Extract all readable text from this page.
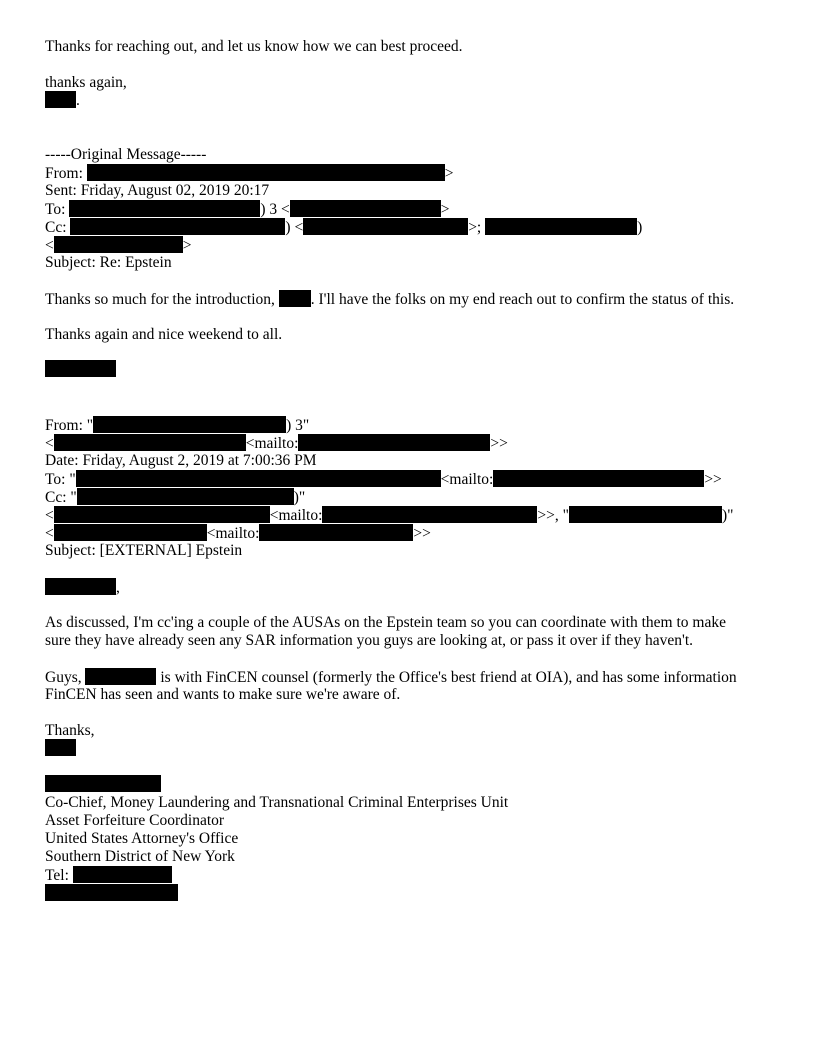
Thanks for reaching out, and let us know how we can best proceed.
thanks again,
.
-----Original Message-----
From:	>
Sent: Friday, August 02, 2019 20:17
To:	) 3 <	>
Cc:	) <	>;	)
<	>
Subject: Re: Epstein
Thanks so much for the introduction, . I'll have the folks on my end reach out to confirm the status of this.
Thanks again and nice weekend to all.
From: "	) 3"
<	<mailto:	>>
Date: Friday, August 2, 2019 at 7:00:36 PM
To: "	<mailto:	>>
Cc: "	)"
<	<mailto:	>>, "	)"
<	<mailto:	>>
Subject: [EXTERNAL] Epstein
,
As discussed, I'm cc'ing a couple of the AUSAs on the Epstein team so you can coordinate with them to make
sure they have already seen any SAR information you guys are looking at, or pass it over if they haven't.
Guys,	is with FinCEN counsel (formerly the Office's best friend at OIA), and has some information
FinCEN has seen and wants to make sure we're aware of.
Thanks,
Co-Chief, Money Laundering and Transnational Criminal Enterprises Unit
Asset Forfeiture Coordinator
United States Attorney's Office
Southern District of New York
Tel:
